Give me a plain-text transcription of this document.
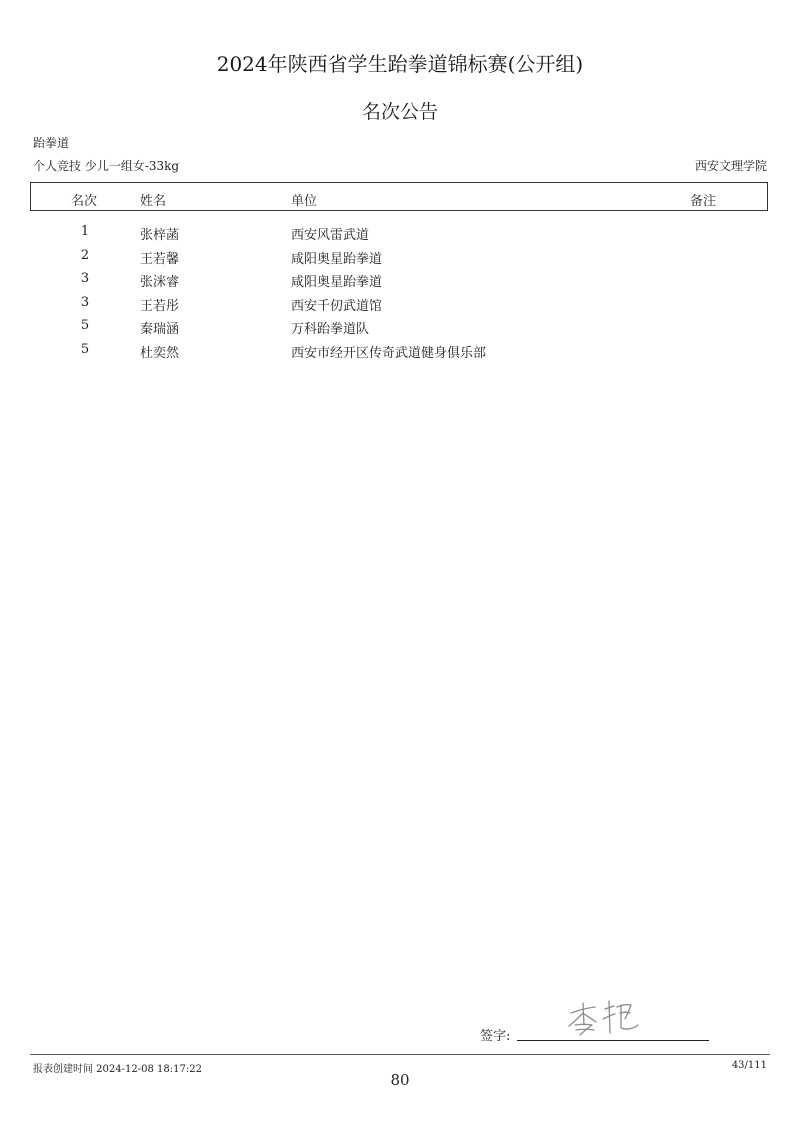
2024年陕西省学生跆拳道锦标赛(公开组)
名次公告
跆拳道
个人竞技 少儿一组女-33kg	西安文理学院
名次	姓名	单位	备注
1	张梓菡	西安风雷武道
2	王若馨	咸阳奥星跆拳道
3	张洣睿	咸阳奥星跆拳道
3	王若彤	西安千仞武道馆
5	秦瑞涵	万科跆拳道队
5	杜奕然	西安市经开区传奇武道健身俱乐部
签字:
报表创建时间 2024-12-08 18:17:22	43/111
80
